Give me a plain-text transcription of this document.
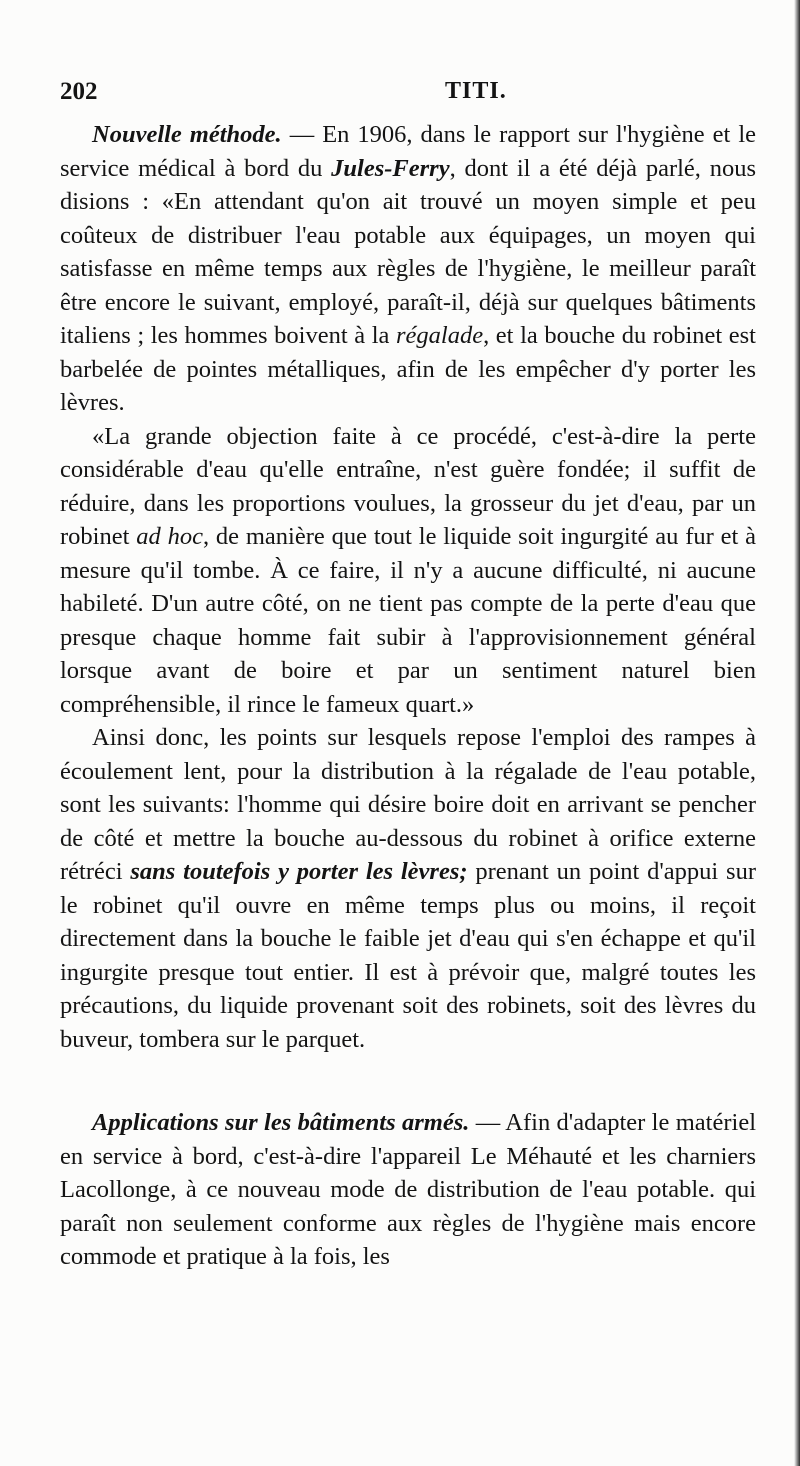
202	TITI.

Nouvelle méthode. — En 1906, dans le rapport sur l'hygiène et le service médical à bord du Jules-Ferry, dont il a été déjà parlé, nous disions : «En attendant qu'on ait trouvé un moyen simple et peu coûteux de distribuer l'eau potable aux équipages, un moyen qui satisfasse en même temps aux règles de l'hygiène, le meilleur paraît être encore le suivant, employé, paraît-il, déjà sur quelques bâtiments italiens ; les hommes boivent à la régalade, et la bouche du robinet est barbelée de pointes métalliques, afin de les empêcher d'y porter les lèvres.

«La grande objection faite à ce procédé, c'est-à-dire la perte considérable d'eau qu'elle entraîne, n'est guère fondée; il suffit de réduire, dans les proportions voulues, la grosseur du jet d'eau, par un robinet ad hoc, de manière que tout le liquide soit ingurgité au fur et à mesure qu'il tombe. À ce faire, il n'y a aucune difficulté, ni aucune habileté. D'un autre côté, on ne tient pas compte de la perte d'eau que presque chaque homme fait subir à l'approvisionnement général lorsque avant de boire et par un sentiment naturel bien compréhensible, il rince le fameux quart.»

Ainsi donc, les points sur lesquels repose l'emploi des rampes à écoulement lent, pour la distribution à la régalade de l'eau potable, sont les suivants: l'homme qui désire boire doit en arrivant se pencher de côté et mettre la bouche au-dessous du robinet à orifice externe rétréci sans toutefois y porter les lèvres; prenant un point d'appui sur le robinet qu'il ouvre en même temps plus ou moins, il reçoit directement dans la bouche le faible jet d'eau qui s'en échappe et qu'il ingurgite presque tout entier. Il est à prévoir que, malgré toutes les précautions, du liquide provenant soit des robinets, soit des lèvres du buveur, tombera sur le parquet.

Applications sur les bâtiments armés. — Afin d'adapter le matériel en service à bord, c'est-à-dire l'appareil Le Méhauté et les charniers Lacollonge, à ce nouveau mode de distribution de l'eau potable. qui paraît non seulement conforme aux règles de l'hygiène mais encore commode et pratique à la fois, les
